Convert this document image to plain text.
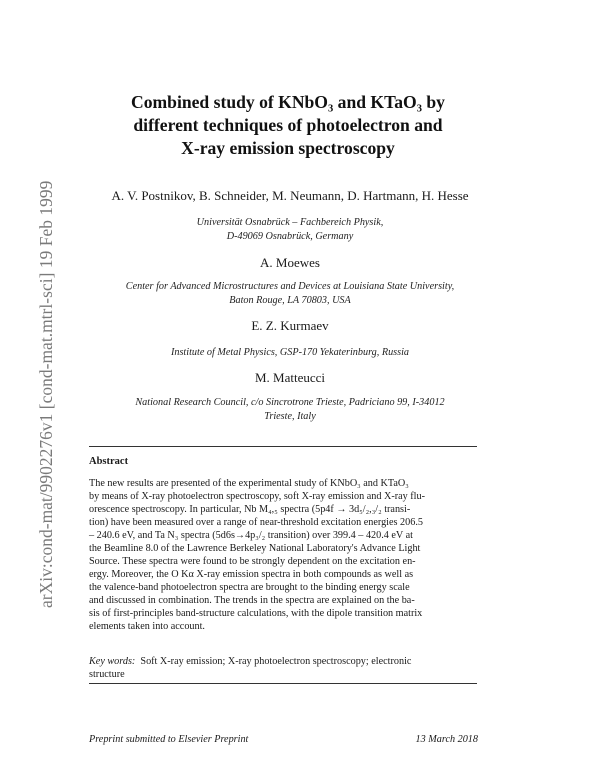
arXiv:cond-mat/9902276v1 [cond-mat.mtrl-sci] 19 Feb 1999
Combined study of KNbO₃ and KTaO₃ by
different techniques of photoelectron and
X-ray emission spectroscopy
A. V. Postnikov, B. Schneider, M. Neumann, D. Hartmann, H. Hesse
Universität Osnabrück – Fachbereich Physik,
D-49069 Osnabrück, Germany
A. Moewes
Center for Advanced Microstructures and Devices at Louisiana State University,
Baton Rouge, LA 70803, USA
E. Z. Kurmaev
Institute of Metal Physics, GSP-170 Yekaterinburg, Russia
M. Matteucci
National Research Council, c/o Sincrotrone Trieste, Padriciano 99, I-34012
Trieste, Italy
Abstract
The new results are presented of the experimental study of KNbO₃ and KTaO₃
by means of X-ray photoelectron spectroscopy, soft X-ray emission and X-ray flu-
orescence spectroscopy. In particular, Nb M₄,₅ spectra (5p4f → 3d₅/₂,₃/₂ transi-
tion) have been measured over a range of near-threshold excitation energies 206.5
– 240.6 eV, and Ta N₃ spectra (5d6s→4p₃/₂ transition) over 399.4 – 420.4 eV at
the Beamline 8.0 of the Lawrence Berkeley National Laboratory's Advance Light
Source. These spectra were found to be strongly dependent on the excitation en-
ergy. Moreover, the O Kα X-ray emission spectra in both compounds as well as
the valence-band photoelectron spectra are brought to the binding energy scale
and discussed in combination. The trends in the spectra are explained on the ba-
sis of first-principles band-structure calculations, with the dipole transition matrix
elements taken into account.
Key words: Soft X-ray emission; X-ray photoelectron spectroscopy; electronic
structure
Preprint submitted to Elsevier Preprint	13 March 2018
